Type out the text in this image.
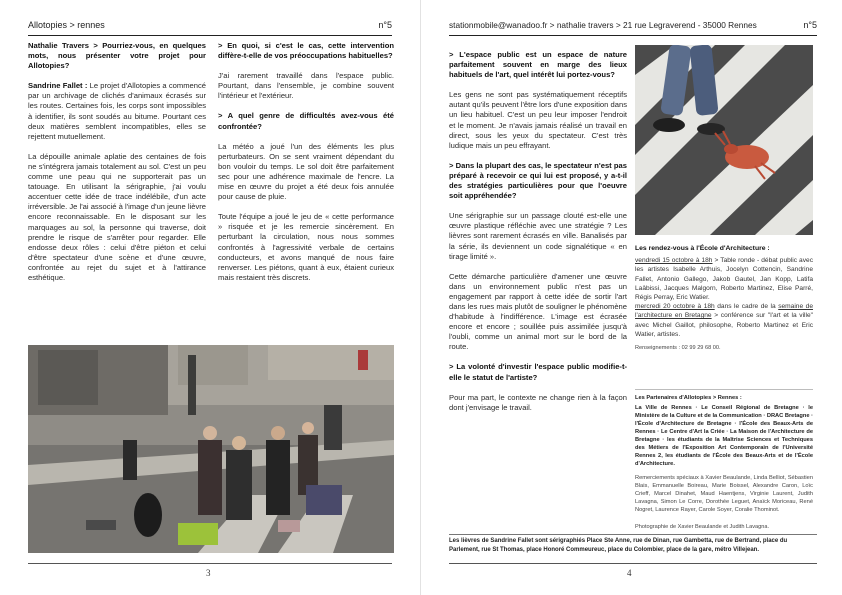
Allotopies > rennes	n°5

Nathalie Travers > Pourriez-vous, en quelques mots, nous présenter votre projet pour Allotopies?

Sandrine Fallet : Le projet d'Allotopies a commencé par un archivage de clichés d'animaux écrasés sur les routes. Certaines fois, les corps sont impossibles à identifier, ils sont soudés au bitume. Pourtant ces deux matières semblent incompatibles, elles se rejettent mutuellement.

La dépouille animale aplatie des centaines de fois ne s'intégrera jamais totalement au sol. C'est un peu comme une peau qui ne supporterait pas un tatouage. En utilisant la sérigraphie, j'ai voulu accentuer cette idée de trace indélébile, d'un acte irréversible. Je l'ai associé à l'image d'un jeune lièvre encore reconnaissable. En le disposant sur les marquages au sol, la personne qui traverse, doit prendre le risque de s'arrêter pour regarder. Elle endosse deux rôles : celui d'être piéton et celui d'être spectateur d'une scène et d'une œuvre, confrontée au rejet du sujet et à l'attirance esthétique.

> En quoi, si c'est le cas, cette intervention diffère-t-elle de vos préoccupations habituelles?

J'ai rarement travaillé dans l'espace public. Pourtant, dans l'ensemble, je combine souvent l'intérieur et l'extérieur.

> A quel genre de difficultés avez-vous été confrontée?

La météo a joué l'un des éléments les plus perturbateurs. On se sent vraiment dépendant du bon vouloir du temps. Le sol doit être parfaitement sec pour une adhérence maximale de l'encre. La mise en œuvre du projet a été deux fois annulée pour cause de pluie.

Toute l'équipe a joué le jeu de « cette performance » risquée et je les remercie sincèrement. En perturbant la circulation, nous nous sommes confrontés à l'agressivité verbale de certains conducteurs, et avons manqué de nous faire renverser. Les piétons, quant à eux, étaient curieux mais restaient très discrets.

3
stationmobile@wanadoo.fr > nathalie travers > 21 rue Legraverend - 35000 Rennes	n°5

> L'espace public est un espace de nature parfaitement souvent en marge des lieux habituels de l'art, quel intérêt lui portez-vous?

Les gens ne sont pas systématiquement réceptifs autant qu'ils peuvent l'être lors d'une exposition dans un lieu habituel. C'est un peu leur imposer l'endroit et le moment. Je n'avais jamais réalisé un travail en direct, sous les yeux du spectateur. C'est très ludique mais un peu effrayant.

> Dans la plupart des cas, le spectateur n'est pas préparé à recevoir ce qui lui est proposé, y a-t-il des stratégies particulières pour que l'oeuvre soit appréhendée?

Une sérigraphie sur un passage clouté est-elle une œuvre plastique réfléchie avec une stratégie ? Les lièvres sont rarement écrasés en ville. Banalisés par la série, ils deviennent un code signalétique « en tirage limité ».

Cette démarche particulière d'amener une œuvre dans un environnement public n'est pas un engagement par rapport à cette idée de sortir l'art dans les rues mais plutôt de souligner le phénomène d'habitude à l'indifférence. L'image est écrasée encore et encore ; souillée puis assimilée jusqu'à l'oubli, comme un animal mort sur le bord de la route.

> La volonté d'investir l'espace public modifie-t-elle le statut de l'artiste?

Pour ma part, le contexte ne change rien à la façon dont j'envisage le travail.

Les rendez-vous à l'École d'Architecture :
vendredi 15 octobre à 18h > Table ronde - débat public avec les artistes Isabelle Arthuis, Jocelyn Cottencin, Sandrine Fallet, Antonio Gallego, Jakob Gautel, Jan Kopp, Latifa Laâbissi, Jacques Malgorn, Roberto Martinez, Elise Parré, Régis Perray, Eric Watier.
mercredi 20 octobre à 18h dans le cadre de la semaine de l'architecture en Bretagne > conférence sur "l'art et la ville" avec Michel Gaillot, philosophe, Roberto Martinez et Eric Watier, artistes.
Renseignements : 02 99 29 68 00.
Les Partenaires d'Allotopies > Rennes :
La Ville de Rennes · Le Conseil Régional de Bretagne · le Ministère de la Culture et de la Communication · DRAC Bretagne · l'École d'Architecture de Bretagne · l'École des Beaux-Arts de Rennes · Le Centre d'Art la Criée · La Maison de l'Architecture de Bretagne · les étudiants de la Maîtrise Sciences et Techniques des Métiers de l'Exposition Art Contemporain de l'Université Rennes 2, les étudiants de l'École des Beaux-Arts et de l'École d'Architecture.
Remerciements spéciaux à Xavier Beaulande, Linda Belliot, Sébastien Blais, Emmanuelle Boireau, Marie Boissel, Alexandre Caron, Loïc Crieff, Marcel Dinahet, Maud Haentjens, Virginie Laurent, Judith Lavagna, Simon Le Corre, Dorothée Leguet, Anaïck Moriceau, René Nogret, Laurence Rayer, Carole Soyer, Coralie Thominot.
Photographie de Xavier Beaulande et Judith Lavagna.
Les lièvres de Sandrine Fallet sont sérigraphiés Place Ste Anne, rue de Dinan, rue Gambetta, rue de Bertrand, place du Parlement, rue St Thomas, place Honoré Commeureuc, place du Colombier, place de la gare, métro Villejean.
4
